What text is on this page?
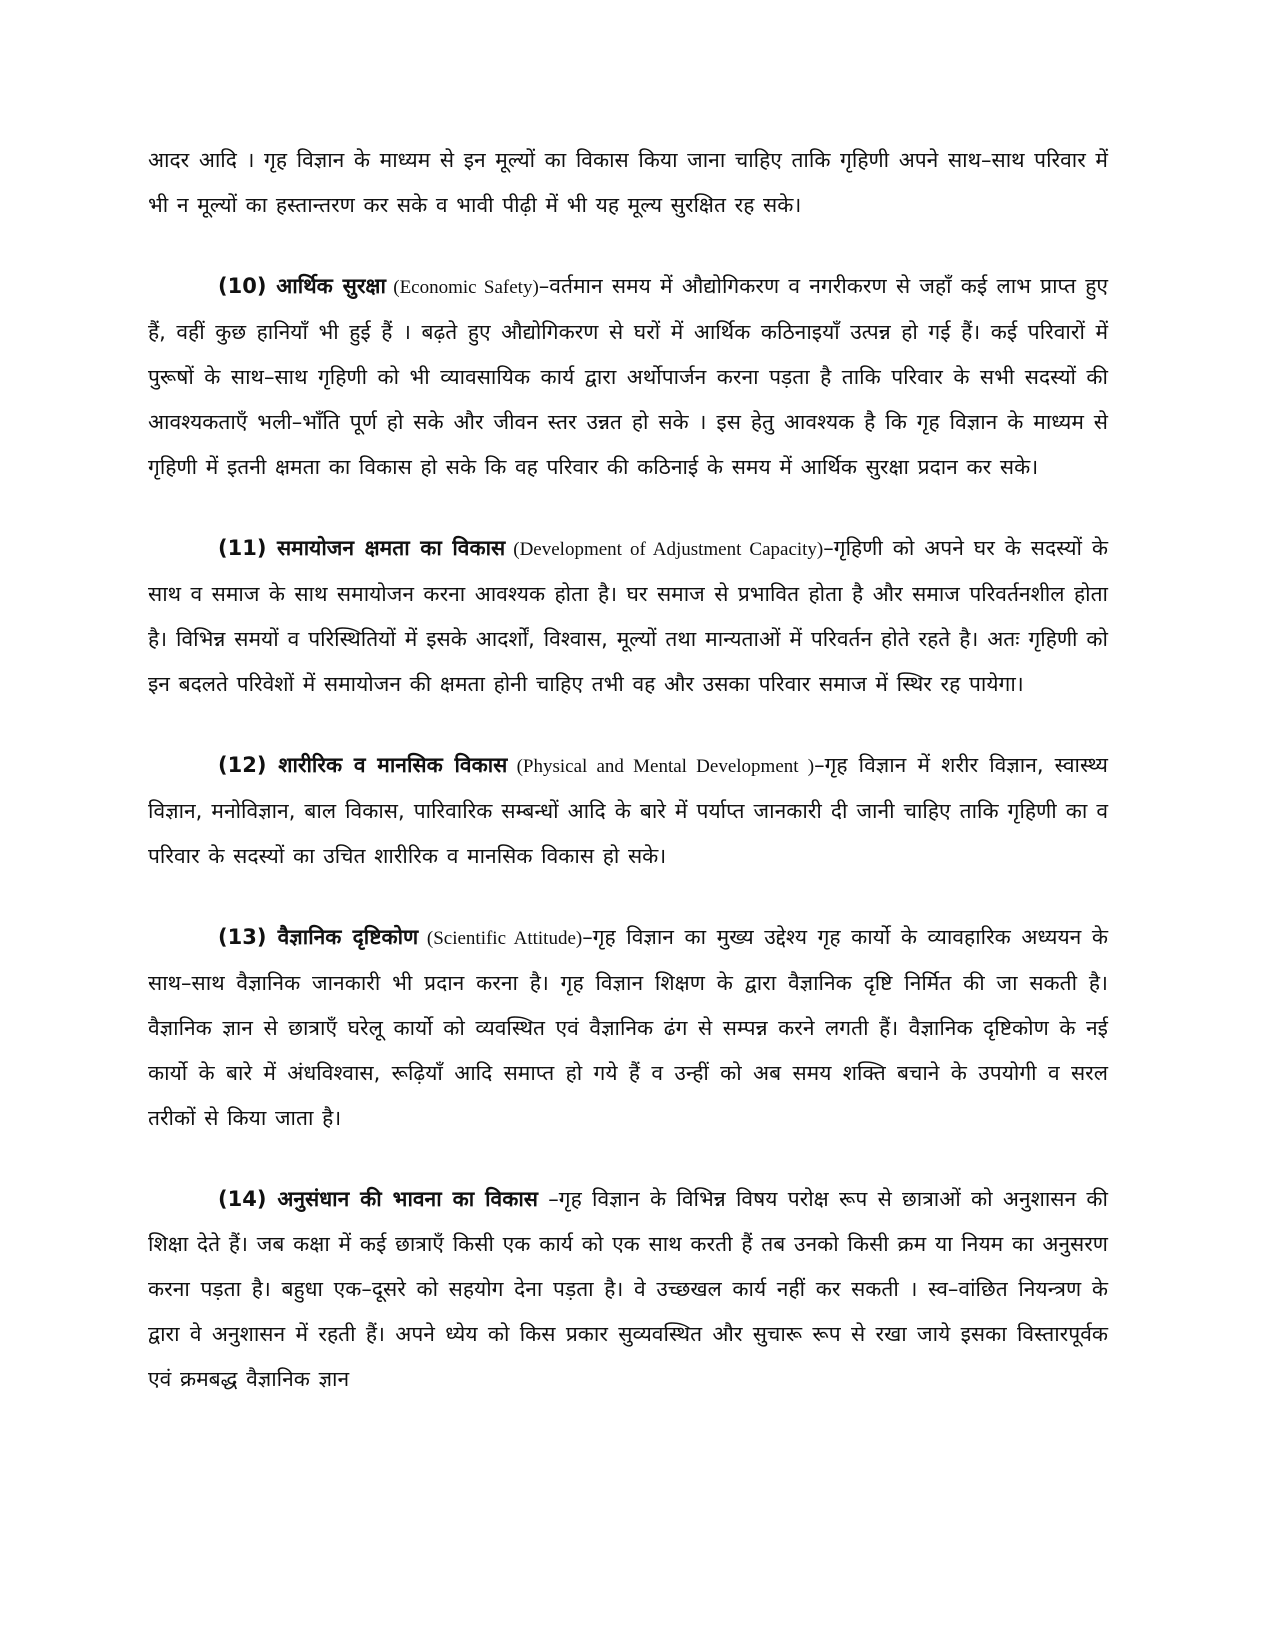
आदर आदि । गृह विज्ञान के माध्यम से इन मूल्यों का विकास किया जाना चाहिए ताकि गृहिणी अपने साथ–साथ परिवार में भी न मूल्यों का हस्तान्तरण कर सके व भावी पीढ़ी में भी यह मूल्य सुरक्षित रह सके।

(10) आर्थिक सुरक्षा (Economic Safety)–वर्तमान समय में औद्योगिकरण व नगरीकरण से जहाँ कई लाभ प्राप्त हुए हैं, वहीं कुछ हानियाँ भी हुई हैं । बढ़ते हुए औद्योगिकरण से घरों में आर्थिक कठिनाइयाँ उत्पन्न हो गई हैं। कई परिवारों में पुरूषों के साथ–साथ गृहिणी को भी व्यावसायिक कार्य द्वारा अर्थोपार्जन करना पड़ता है ताकि परिवार के सभी सदस्यों की आवश्यकताएँ भली–भाँति पूर्ण हो सके और जीवन स्तर उन्नत हो सके । इस हेतु आवश्यक है कि गृह विज्ञान के माध्यम से गृहिणी में इतनी क्षमता का विकास हो सके कि वह परिवार की कठिनाई के समय में आर्थिक सुरक्षा प्रदान कर सके।

(11) समायोजन क्षमता का विकास (Development of Adjustment Capacity)–गृहिणी को अपने घर के सदस्यों के साथ व समाज के साथ समायोजन करना आवश्यक होता है। घर समाज से प्रभावित होता है और समाज परिवर्तनशील होता है। विभिन्न समयों व परिस्थितियों में इसके आदर्शों, विश्वास, मूल्यों तथा मान्यताओं में परिवर्तन होते रहते है। अतः गृहिणी को इन बदलते परिवेशों में समायोजन की क्षमता होनी चाहिए तभी वह और उसका परिवार समाज में स्थिर रह पायेगा।

(12) शारीरिक व मानसिक विकास (Physical and Mental Development )–गृह विज्ञान में शरीर विज्ञान, स्वास्थ्य विज्ञान, मनोविज्ञान, बाल विकास, पारिवारिक सम्बन्धों आदि के बारे में पर्याप्त जानकारी दी जानी चाहिए ताकि गृहिणी का व परिवार के सदस्यों का उचित शारीरिक व मानसिक विकास हो सके।

(13) वैज्ञानिक दृष्टिकोण (Scientific Attitude)–गृह विज्ञान का मुख्य उद्देश्य गृह कार्यो के व्यावहारिक अध्ययन के साथ–साथ वैज्ञानिक जानकारी भी प्रदान करना है। गृह विज्ञान शिक्षण के द्वारा वैज्ञानिक दृष्टि निर्मित की जा सकती है। वैज्ञानिक ज्ञान से छात्राएँ घरेलू कार्यो को व्यवस्थित एवं वैज्ञानिक ढंग से सम्पन्न करने लगती हैं। वैज्ञानिक दृष्टिकोण के नई कार्यो के बारे में अंधविश्वास, रूढ़ियाँ आदि समाप्त हो गये हैं व उन्हीं को अब समय शक्ति बचाने के उपयोगी व सरल तरीकों से किया जाता है।

(14) अनुसंधान की भावना का विकास –गृह विज्ञान के विभिन्न विषय परोक्ष रूप से छात्राओं को अनुशासन की शिक्षा देते हैं। जब कक्षा में कई छात्राएँ किसी एक कार्य को एक साथ करती हैं तब उनको किसी क्रम या नियम का अनुसरण करना पड़ता है। बहुधा एक–दूसरे को सहयोग देना पड़ता है। वे उच्छखल कार्य नहीं कर सकती । स्व–वांछित नियन्त्रण के द्वारा वे अनुशासन में रहती हैं। अपने ध्येय को किस प्रकार सुव्यवस्थित और सुचारू रूप से रखा जाये इसका विस्तारपूर्वक एवं क्रमबद्ध वैज्ञानिक ज्ञान
